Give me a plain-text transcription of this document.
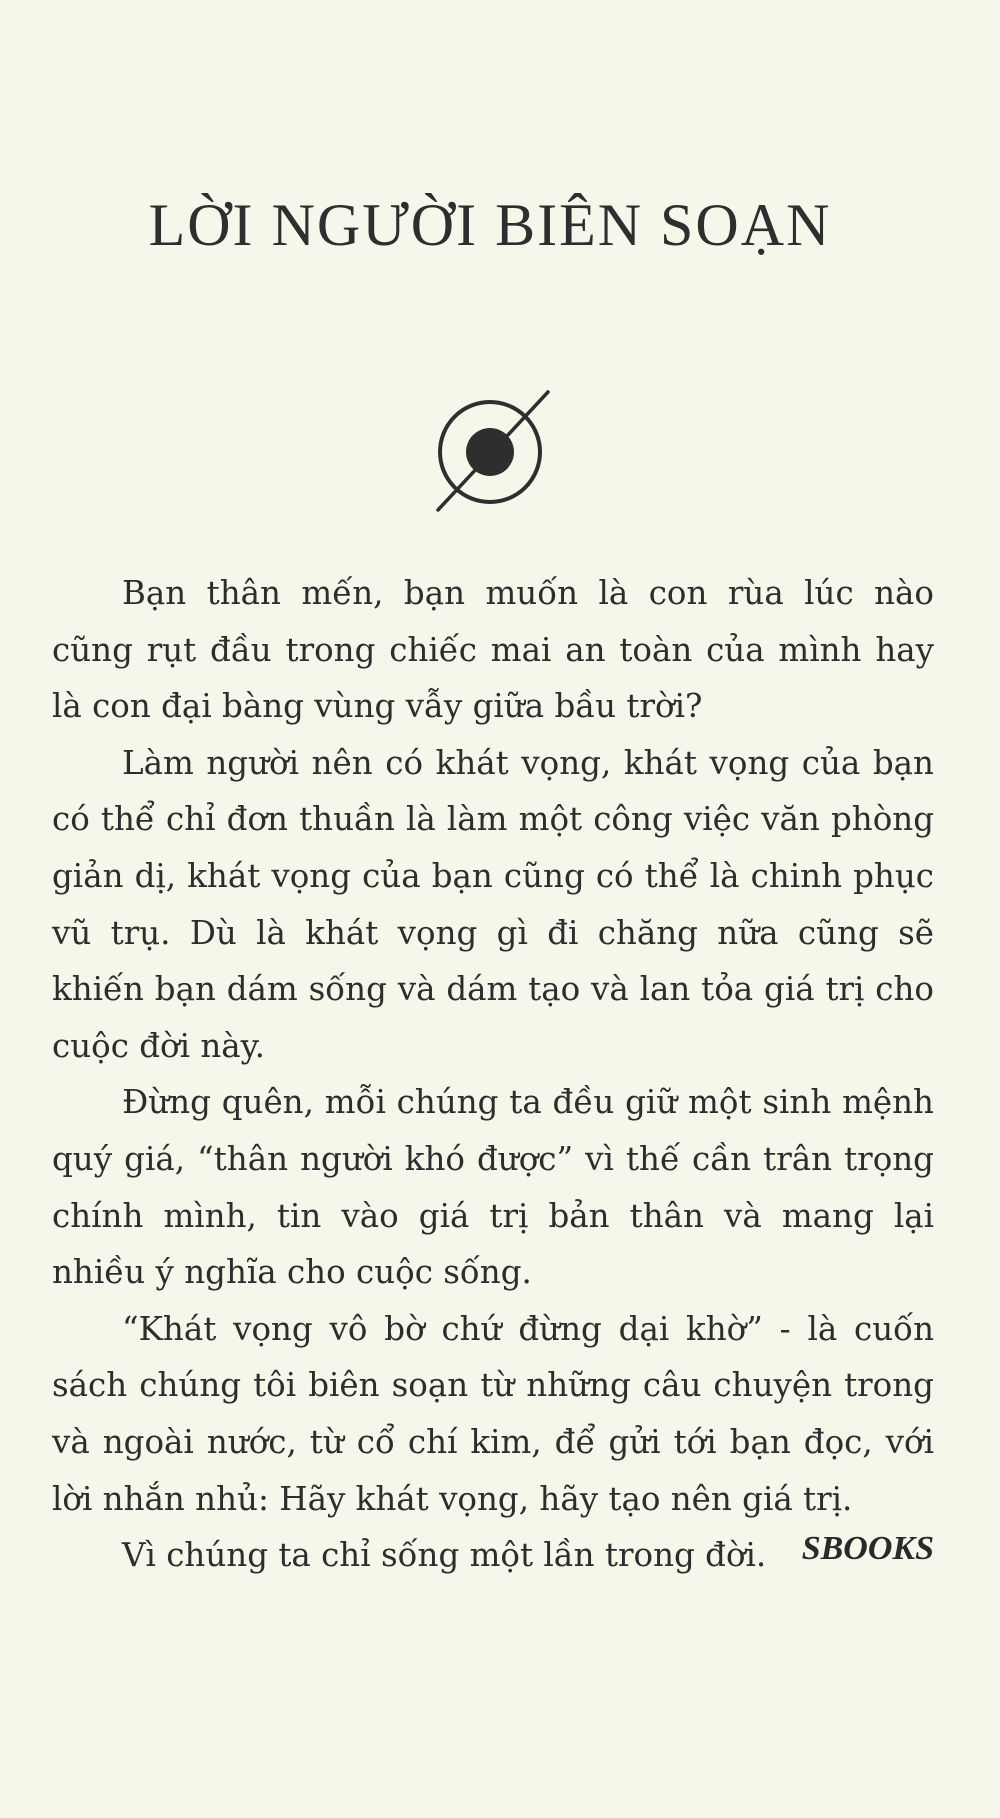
LỜI NGƯỜI BIÊN SOẠN

Bạn thân mến, bạn muốn là con rùa lúc nào cũng rụt đầu trong chiếc mai an toàn của mình hay là con đại bàng vùng vẫy giữa bầu trời?

Làm người nên có khát vọng, khát vọng của bạn có thể chỉ đơn thuần là làm một công việc văn phòng giản dị, khát vọng của bạn cũng có thể là chinh phục vũ trụ. Dù là khát vọng gì đi chăng nữa cũng sẽ khiến bạn dám sống và dám tạo và lan tỏa giá trị cho cuộc đời này.

Đừng quên, mỗi chúng ta đều giữ một sinh mệnh quý giá, “thân người khó được” vì thế cần trân trọng chính mình, tin vào giá trị bản thân và mang lại nhiều ý nghĩa cho cuộc sống.

“Khát vọng vô bờ chứ đừng dại khờ” - là cuốn sách chúng tôi biên soạn từ những câu chuyện trong và ngoài nước, từ cổ chí kim, để gửi tới bạn đọc, với lời nhắn nhủ: Hãy khát vọng, hãy tạo nên giá trị.

Vì chúng ta chỉ sống một lần trong đời.	SBOOKS
